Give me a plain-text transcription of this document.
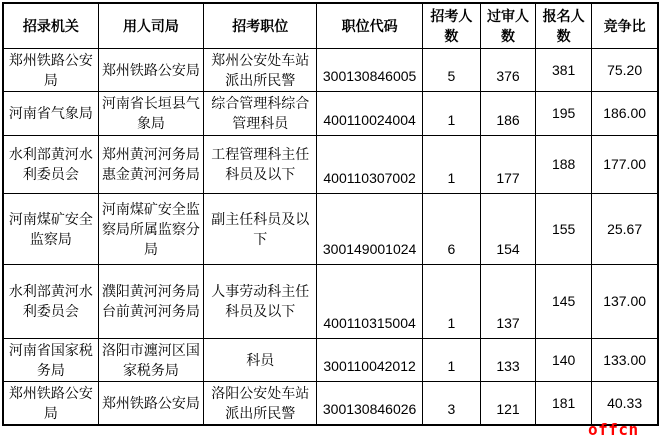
招录机关	用人司局	招考职位	职位代码	招考人数	过审人数	报名人数	竞争比
郑州铁路公安局	郑州铁路公安局	郑州公安处车站派出所民警	300130846005	5	376	381	75.20
河南省气象局	河南省长垣县气象局	综合管理科综合管理科员	400110024004	1	186	195	186.00
水利部黄河水利委员会	郑州黄河河务局惠金黄河河务局	工程管理科主任科员及以下	400110307002	1	177	188	177.00
河南煤矿安全监察局	河南煤矿安全监察局所属监察分局	副主任科员及以下	300149001024	6	154	155	25.67
水利部黄河水利委员会	濮阳黄河河务局台前黄河河务局	人事劳动科主任科员及以下	400110315004	1	137	145	137.00
河南省国家税务局	洛阳市瀍河区国家税务局	科员	300110042012	1	133	140	133.00
郑州铁路公安局	郑州铁路公安局	洛阳公安处车站派出所民警	300130846026	3	121	181	40.33
offcn
